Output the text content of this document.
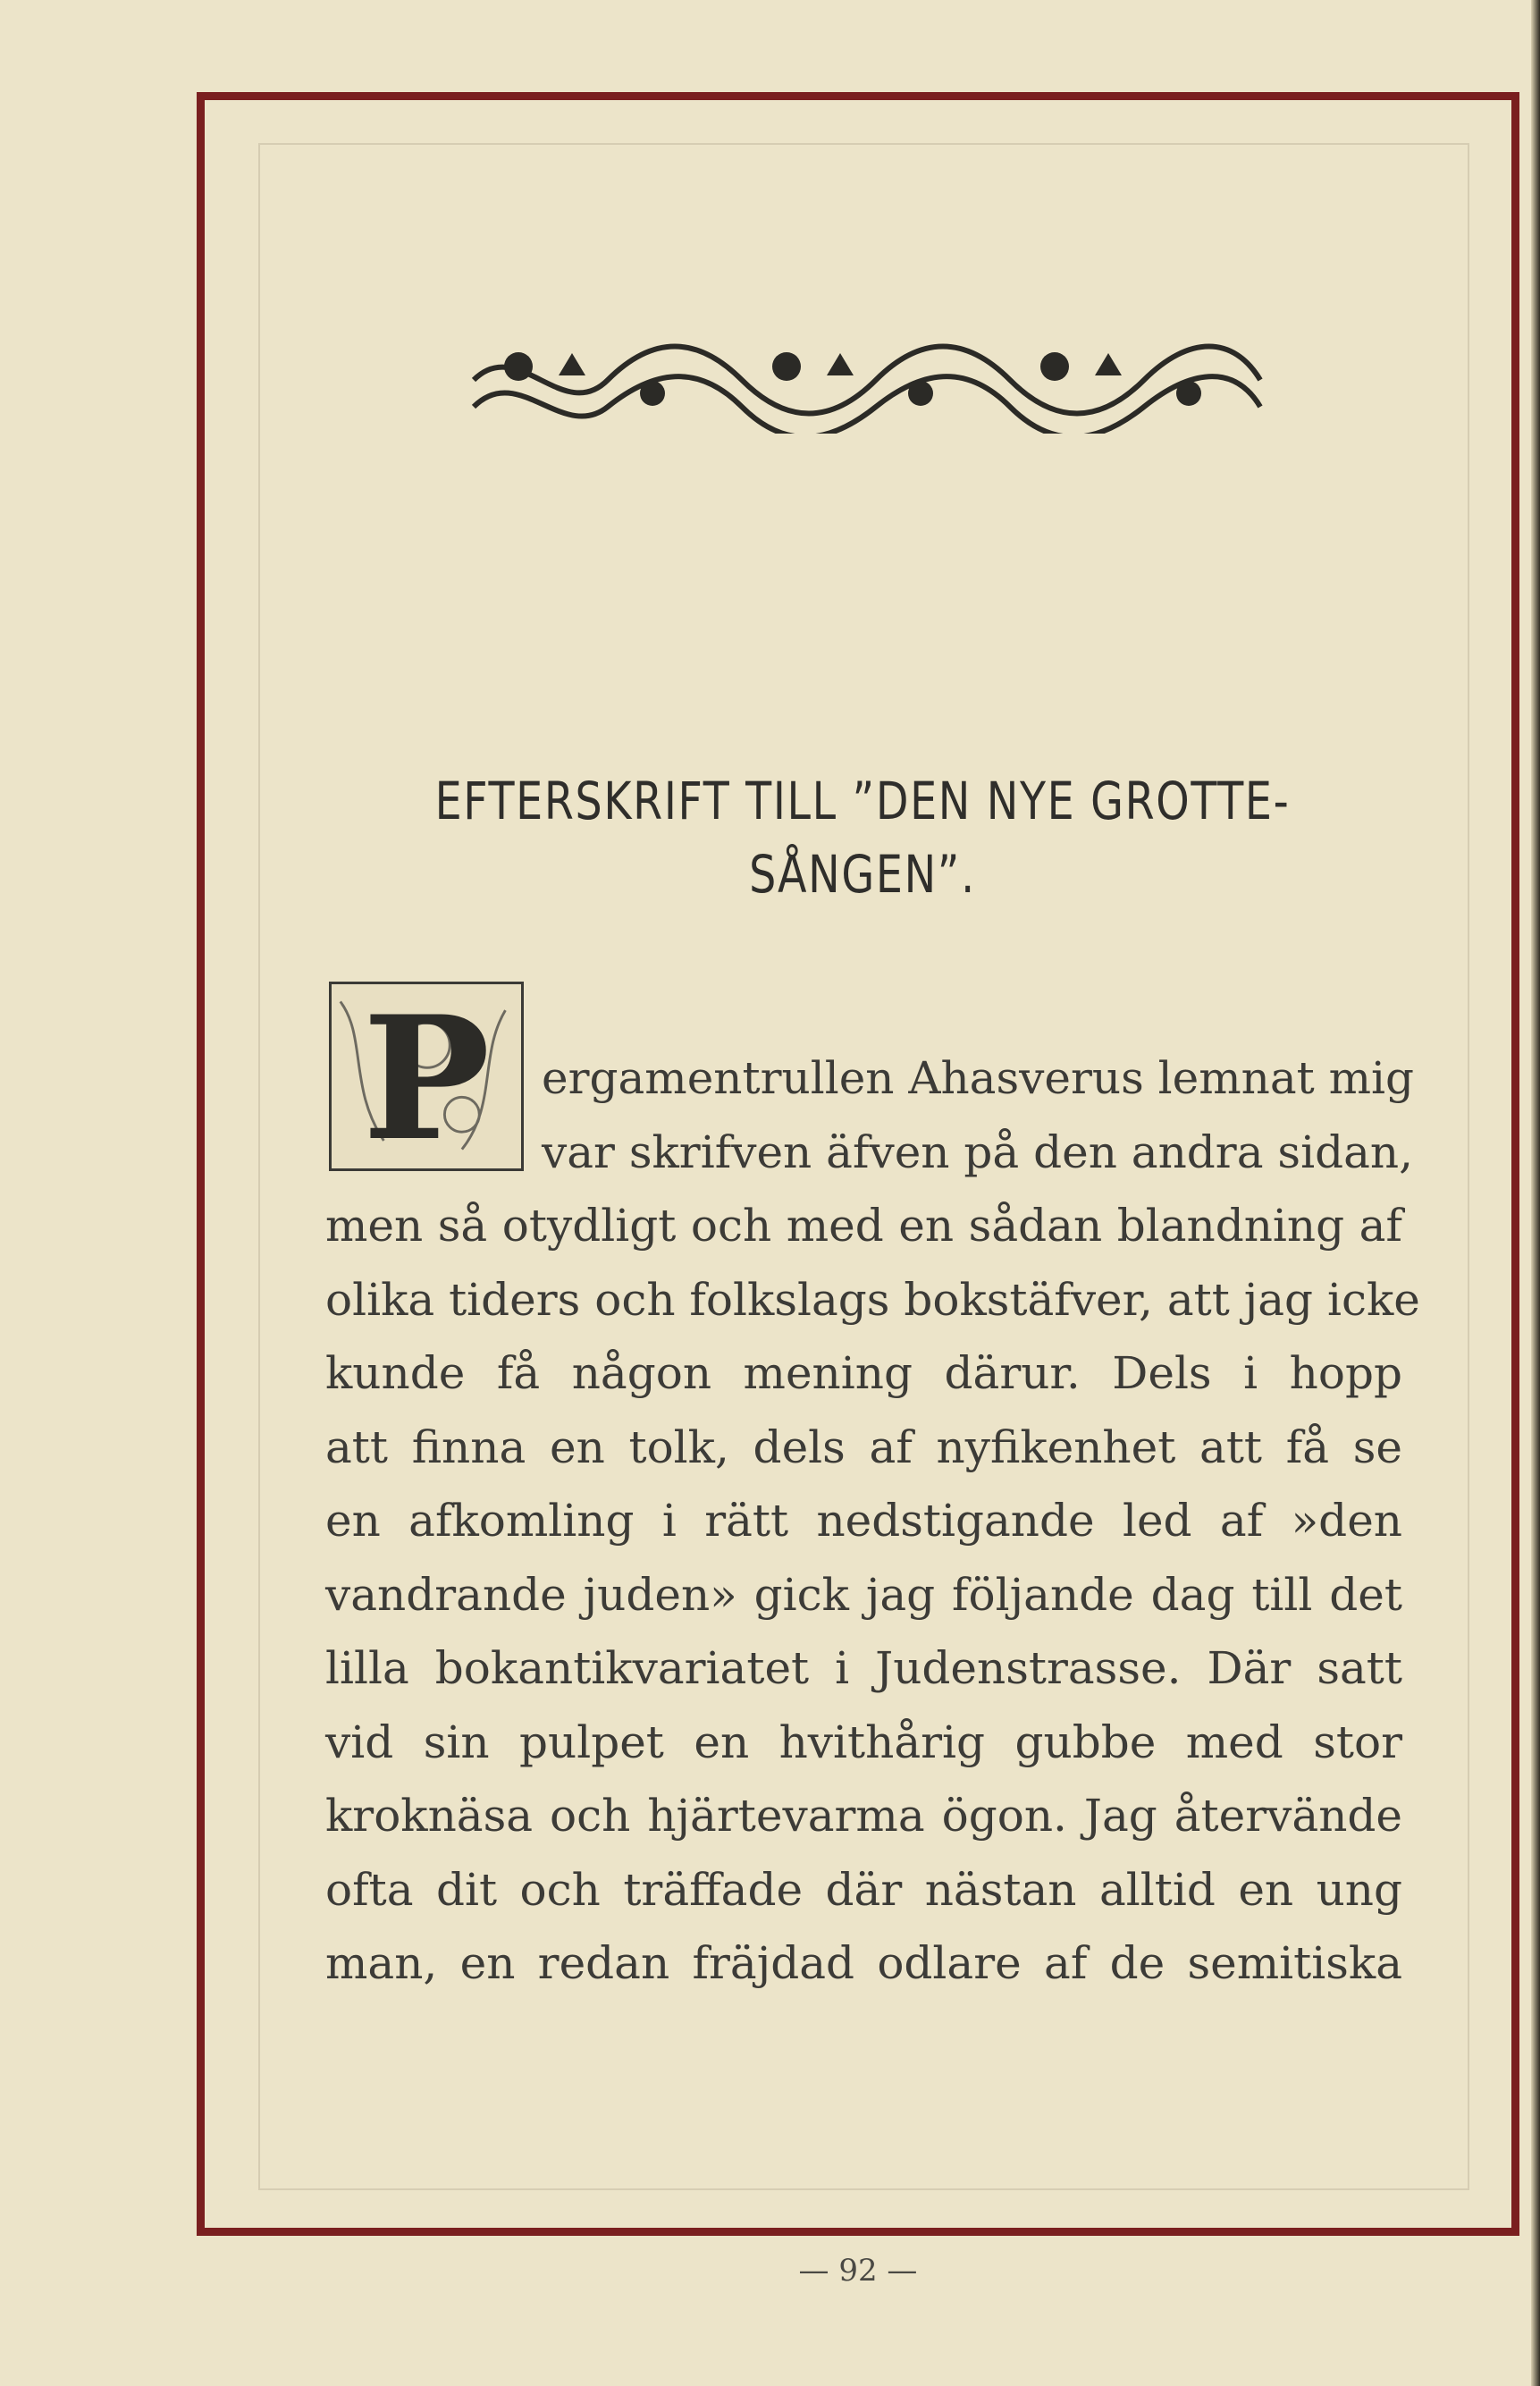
EFTERSKRIFT TILL ”DEN NYE GROTTE-
SÅNGEN”.
P	ergamentrullen Ahasverus lemnat mig
var skrifven äfven på den andra sidan,
men så otydligt och med en sådan blandning af
olika tiders och folkslags bokstäfver, att jag icke
kunde få någon mening därur. Dels i hopp
att finna en tolk, dels af nyfikenhet att få se
en afkomling i rätt nedstigande led af »den
vandrande juden» gick jag följande dag till det
lilla bokantikvariatet i Judenstrasse. Där satt
vid sin pulpet en hvithårig gubbe med stor
kroknäsa och hjärtevarma ögon. Jag återvände
ofta dit och träffade där nästan alltid en ung
man, en redan fräjdad odlare af de semitiska
— 92 —
